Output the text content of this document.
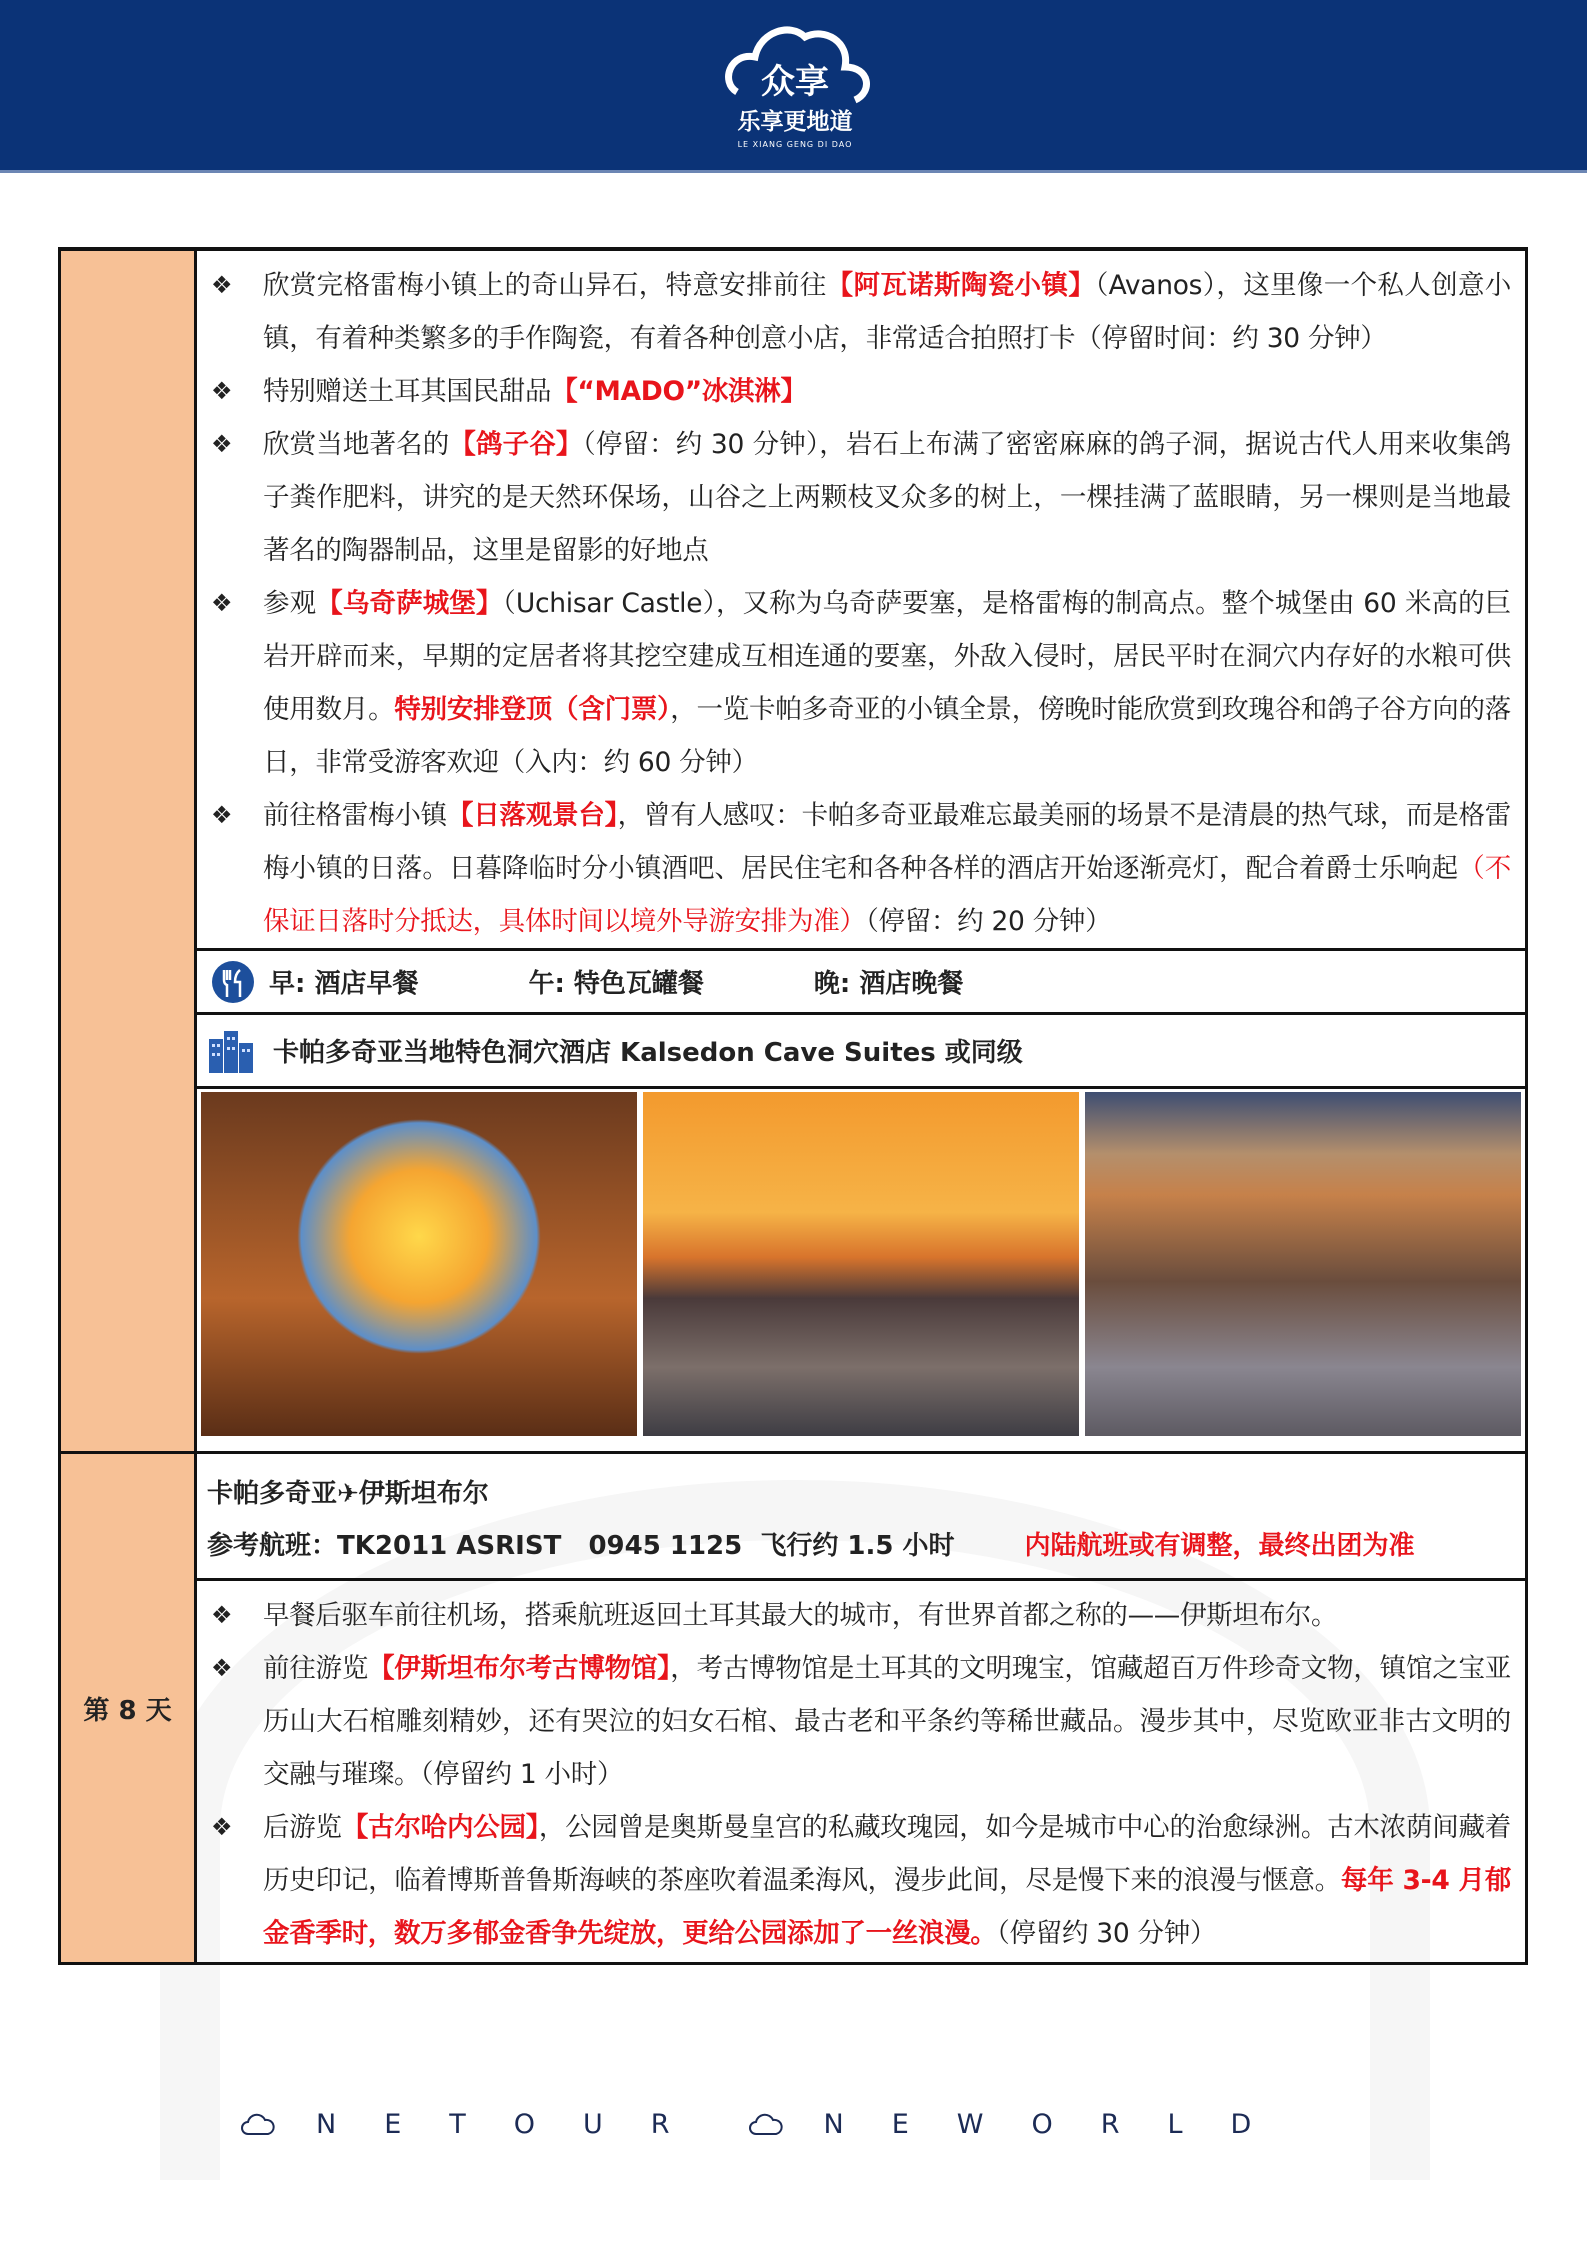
众享
乐享更地道
LE XIANG GENG DI DAO
❖ 欣赏完格雷梅小镇上的奇山异石，特意安排前往【阿瓦诺斯陶瓷小镇】（Avanos），这里像一个私人创意小镇，有着种类繁多的手作陶瓷，有着各种创意小店，非常适合拍照打卡（停留时间：约 30 分钟）
❖ 特别赠送土耳其国民甜品【“MADO”冰淇淋】
❖ 欣赏当地著名的【鸽子谷】（停留：约 30 分钟），岩石上布满了密密麻麻的鸽子洞，据说古代人用来收集鸽子粪作肥料，讲究的是天然环保场，山谷之上两颗枝叉众多的树上，一棵挂满了蓝眼睛，另一棵则是当地最著名的陶器制品，这里是留影的好地点
❖ 参观【乌奇萨城堡】（Uchisar Castle），又称为乌奇萨要塞，是格雷梅的制高点。整个城堡由 60 米高的巨岩开辟而来，早期的定居者将其挖空建成互相连通的要塞，外敌入侵时，居民平时在洞穴内存好的水粮可供使用数月。特别安排登顶（含门票），一览卡帕多奇亚的小镇全景，傍晚时能欣赏到玫瑰谷和鸽子谷方向的落日，非常受游客欢迎（入内：约 60 分钟）
❖ 前往格雷梅小镇【日落观景台】，曾有人感叹：卡帕多奇亚最难忘最美丽的场景不是清晨的热气球，而是格雷梅小镇的日落。日暮降临时分小镇酒吧、居民住宅和各种各样的酒店开始逐渐亮灯，配合着爵士乐响起（不保证日落时分抵达，具体时间以境外导游安排为准）（停留：约 20 分钟）
早: 酒店早餐	午: 特色瓦罐餐	晚: 酒店晚餐
卡帕多奇亚当地特色洞穴酒店 Kalsedon Cave Suites 或同级
第 8 天
卡帕多奇亚✈伊斯坦布尔
参考航班：TK2011 ASRIST   0945 1125  飞行约 1.5 小时	内陆航班或有调整，最终出团为准
❖ 早餐后驱车前往机场，搭乘航班返回土耳其最大的城市，有世界首都之称的——伊斯坦布尔。
❖ 前往游览【伊斯坦布尔考古博物馆】，考古博物馆是土耳其的文明瑰宝，馆藏超百万件珍奇文物，镇馆之宝亚历山大石棺雕刻精妙，还有哭泣的妇女石棺、最古老和平条约等稀世藏品。漫步其中，尽览欧亚非古文明的交融与璀璨。（停留约 1 小时）
❖ 后游览【古尔哈内公园】，公园曾是奥斯曼皇宫的私藏玫瑰园，如今是城市中心的治愈绿洲。古木浓荫间藏着历史印记，临着博斯普鲁斯海峡的茶座吹着温柔海风，漫步此间，尽是慢下来的浪漫与惬意。每年 3-4 月郁金香季时，数万多郁金香争先绽放，更给公园添加了一丝浪漫。（停留约 30 分钟）
NETOUR	NEWORLD
